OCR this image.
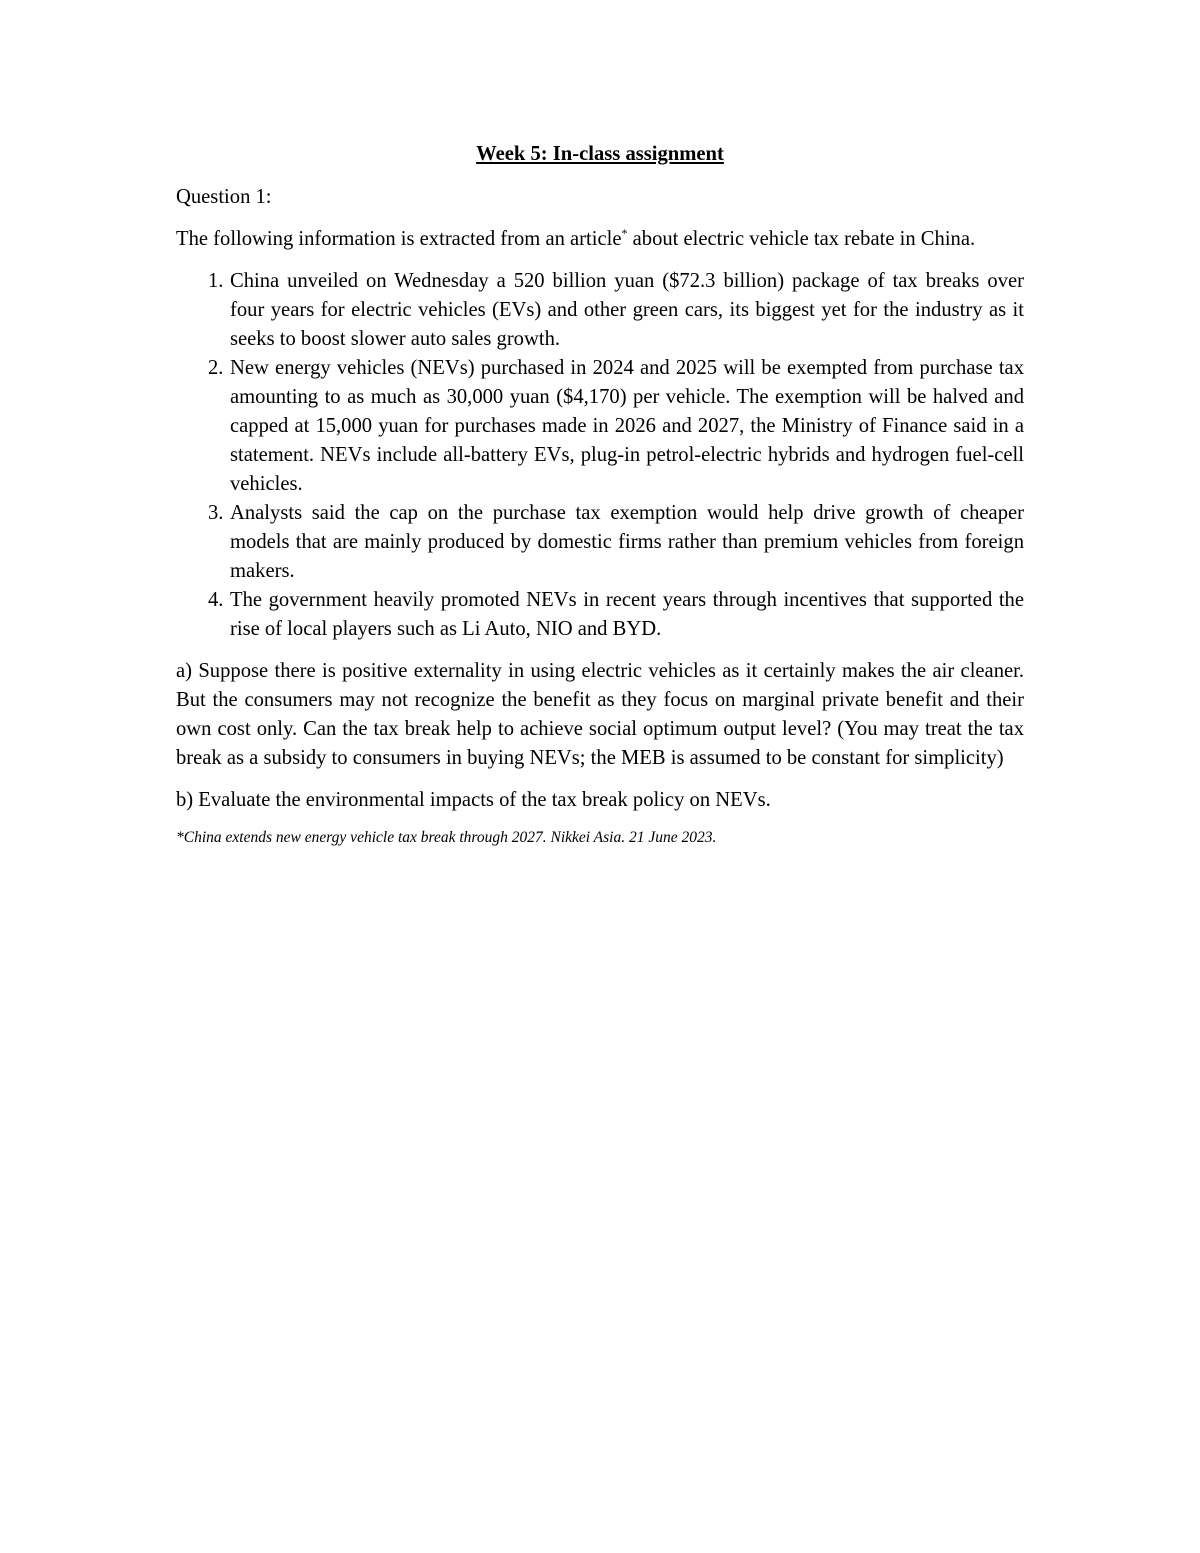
Week 5: In-class assignment

Question 1:

The following information is extracted from an article* about electric vehicle tax rebate in China.

1. China unveiled on Wednesday a 520 billion yuan ($72.3 billion) package of tax breaks over four years for electric vehicles (EVs) and other green cars, its biggest yet for the industry as it seeks to boost slower auto sales growth.
2. New energy vehicles (NEVs) purchased in 2024 and 2025 will be exempted from purchase tax amounting to as much as 30,000 yuan ($4,170) per vehicle. The exemption will be halved and capped at 15,000 yuan for purchases made in 2026 and 2027, the Ministry of Finance said in a statement. NEVs include all-battery EVs, plug-in petrol-electric hybrids and hydrogen fuel-cell vehicles.
3. Analysts said the cap on the purchase tax exemption would help drive growth of cheaper models that are mainly produced by domestic firms rather than premium vehicles from foreign makers.
4. The government heavily promoted NEVs in recent years through incentives that supported the rise of local players such as Li Auto, NIO and BYD.

a) Suppose there is positive externality in using electric vehicles as it certainly makes the air cleaner. But the consumers may not recognize the benefit as they focus on marginal private benefit and their own cost only. Can the tax break help to achieve social optimum output level? (You may treat the tax break as a subsidy to consumers in buying NEVs; the MEB is assumed to be constant for simplicity)

b) Evaluate the environmental impacts of the tax break policy on NEVs.

*China extends new energy vehicle tax break through 2027. Nikkei Asia. 21 June 2023.
